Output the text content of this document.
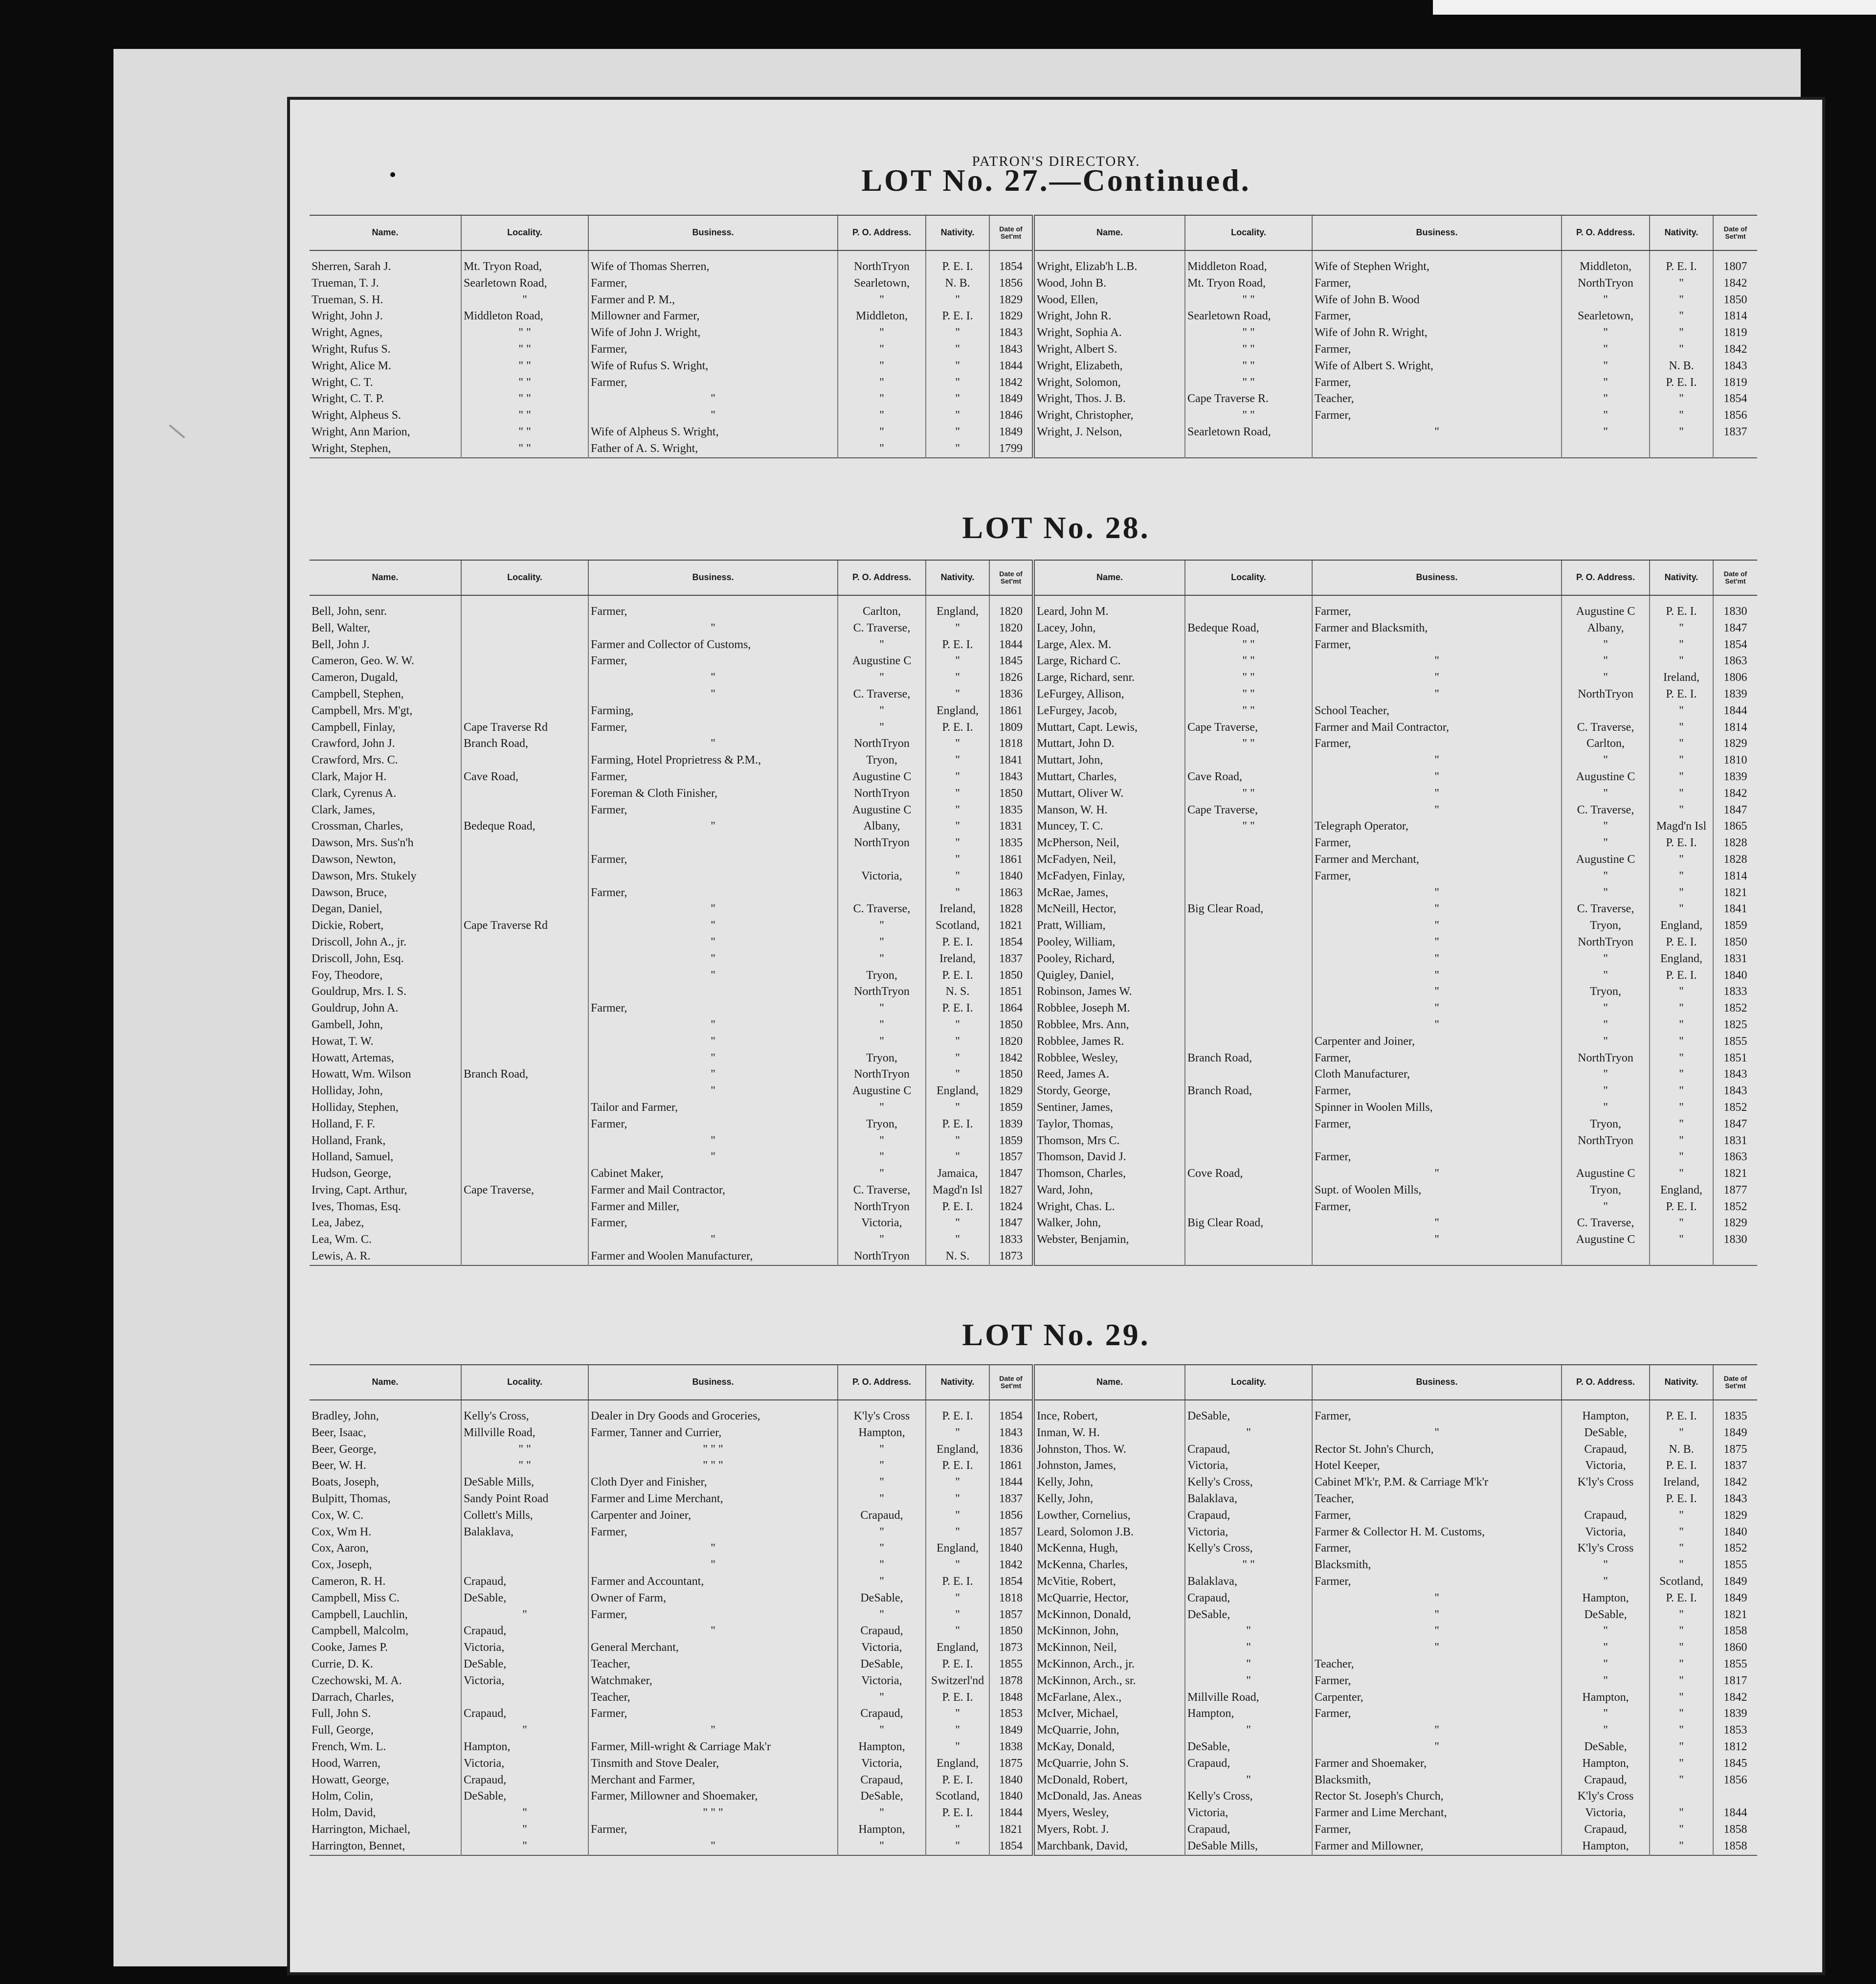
PATRON'S DIRECTORY.
LOT No. 27.—Continued.
Name.	Locality.	Business.	P. O. Address.	Nativity.	Date of Set'mt	Name.	Locality.	Business.	P. O. Address.	Nativity.	Date of Set'mt
Sherren, Sarah J.	Mt. Tryon Road,	Wife of Thomas Sherren,	NorthTryon	P. E. I.	1854	Wright, Elizab'h L.B.	Middleton Road,	Wife of Stephen Wright,	Middleton,	P. E. I.	1807
Trueman, T. J.	Searletown Road,	Farmer,	Searletown,	N. B.	1856	Wood, John B.	Mt. Tryon Road,	Farmer,	NorthTryon	"	1842
Trueman, S. H.	"	Farmer and P. M.,	"	"	1829	Wood, Ellen,	" "	Wife of John B. Wood	"	"	1850
Wright, John J.	Middleton Road,	Millowner and Farmer,	Middleton,	P. E. I.	1829	Wright, John R.	Searletown Road,	Farmer,	Searletown,	"	1814
Wright, Agnes,	" "	Wife of John J. Wright,	"	"	1843	Wright, Sophia A.	" "	Wife of John R. Wright,	"	"	1819
Wright, Rufus S.	" "	Farmer,	"	"	1843	Wright, Albert S.	" "	Farmer,	"	"	1842
Wright, Alice M.	" "	Wife of Rufus S. Wright,	"	"	1844	Wright, Elizabeth,	" "	Wife of Albert S. Wright,	"	N. B.	1843
Wright, C. T.	" "	Farmer,	"	"	1842	Wright, Solomon,	" "	Farmer,	"	P. E. I.	1819
Wright, C. T. P.	" "	"	"	"	1849	Wright, Thos. J. B.	Cape Traverse R.	Teacher,	"	"	1854
Wright, Alpheus S.	" "	"	"	"	1846	Wright, Christopher,	" "	Farmer,	"	"	1856
Wright, Ann Marion,	" "	Wife of Alpheus S. Wright,	"	"	1849	Wright, J. Nelson,	Searletown Road,	"	"	"	1837
Wright, Stephen,	" "	Father of A. S. Wright,	"	"	1799						
LOT No. 28.
Name.	Locality.	Business.	P. O. Address.	Nativity.	Date of Set'mt	Name.	Locality.	Business.	P. O. Address.	Nativity.	Date of Set'mt
Bell, John, senr.		Farmer,	Carlton,	England,	1820	Leard, John M.		Farmer,	Augustine C	P. E. I.	1830
Bell, Walter,		"	C. Traverse,	"	1820	Lacey, John,	Bedeque Road,	Farmer and Blacksmith,	Albany,	"	1847
Bell, John J.		Farmer and Collector of Customs,	"	P. E. I.	1844	Large, Alex. M.	" "	Farmer,	"	"	1854
Cameron, Geo. W. W.		Farmer,	Augustine C	"	1845	Large, Richard C.	" "	"	"	"	1863
Cameron, Dugald,		"	"	"	1826	Large, Richard, senr.	" "	"	"	Ireland,	1806
Campbell, Stephen,		"	C. Traverse,	"	1836	LeFurgey, Allison,	" "	"	NorthTryon	P. E. I.	1839
Campbell, Mrs. M'gt,		Farming,	"	England,	1861	LeFurgey, Jacob,	" "	School Teacher,		"	1844
Campbell, Finlay,	Cape Traverse Rd	Farmer,	"	P. E. I.	1809	Muttart, Capt. Lewis,	Cape Traverse,	Farmer and Mail Contractor,	C. Traverse,	"	1814
Crawford, John J.	Branch Road,	"	NorthTryon	"	1818	Muttart, John D.	" "	Farmer,	Carlton,	"	1829
Crawford, Mrs. C.		Farming, Hotel Proprietress & P.M.,	Tryon,	"	1841	Muttart, John,		"	"	"	1810
Clark, Major H.	Cave Road,	Farmer,	Augustine C	"	1843	Muttart, Charles,	Cave Road,	"	Augustine C	"	1839
Clark, Cyrenus A.		Foreman & Cloth Finisher,	NorthTryon	"	1850	Muttart, Oliver W.	" "	"	"	"	1842
Clark, James,		Farmer,	Augustine C	"	1835	Manson, W. H.	Cape Traverse,	"	C. Traverse,	"	1847
Crossman, Charles,	Bedeque Road,	"	Albany,	"	1831	Muncey, T. C.	" "	Telegraph Operator,	"	Magd'n Isl	1865
Dawson, Mrs. Sus'n'h			NorthTryon	"	1835	McPherson, Neil,		Farmer,	"	P. E. I.	1828
Dawson, Newton,		Farmer,		"	1861	McFadyen, Neil,		Farmer and Merchant,	Augustine C	"	1828
Dawson, Mrs. Stukely			Victoria,	"	1840	McFadyen, Finlay,		Farmer,	"	"	1814
Dawson, Bruce,		Farmer,		"	1863	McRae, James,		"	"	"	1821
Degan, Daniel,		"	C. Traverse,	Ireland,	1828	McNeill, Hector,	Big Clear Road,	"	C. Traverse,	"	1841
Dickie, Robert,	Cape Traverse Rd	"	"	Scotland,	1821	Pratt, William,		"	Tryon,	England,	1859
Driscoll, John A., jr.		"	"	P. E. I.	1854	Pooley, William,		"	NorthTryon	P. E. I.	1850
Driscoll, John, Esq.		"	"	Ireland,	1837	Pooley, Richard,		"	"	England,	1831
Foy, Theodore,		"	Tryon,	P. E. I.	1850	Quigley, Daniel,		"	"	P. E. I.	1840
Gouldrup, Mrs. I. S.			NorthTryon	N. S.	1851	Robinson, James W.		"	Tryon,	"	1833
Gouldrup, John A.		Farmer,	"	P. E. I.	1864	Robblee, Joseph M.		"	"	"	1852
Gambell, John,		"	"	"	1850	Robblee, Mrs. Ann,		"	"	"	1825
Howat, T. W.		"	"	"	1820	Robblee, James R.		Carpenter and Joiner,	"	"	1855
Howatt, Artemas,		"	Tryon,	"	1842	Robblee, Wesley,	Branch Road,	Farmer,	NorthTryon	"	1851
Howatt, Wm. Wilson	Branch Road,	"	NorthTryon	"	1850	Reed, James A.		Cloth Manufacturer,	"	"	1843
Holliday, John,		"	Augustine C	England,	1829	Stordy, George,	Branch Road,	Farmer,	"	"	1843
Holliday, Stephen,		Tailor and Farmer,	"	"	1859	Sentiner, James,		Spinner in Woolen Mills,	"	"	1852
Holland, F. F.		Farmer,	Tryon,	P. E. I.	1839	Taylor, Thomas,		Farmer,	Tryon,	"	1847
Holland, Frank,		"	"	"	1859	Thomson, Mrs C.			NorthTryon	"	1831
Holland, Samuel,		"	"	"	1857	Thomson, David J.		Farmer,		"	1863
Hudson, George,		Cabinet Maker,	"	Jamaica,	1847	Thomson, Charles,	Cove Road,	"	Augustine C	"	1821
Irving, Capt. Arthur,	Cape Traverse,	Farmer and Mail Contractor,	C. Traverse,	Magd'n Isl	1827	Ward, John,		Supt. of Woolen Mills,	Tryon,	England,	1877
Ives, Thomas, Esq.		Farmer and Miller,	NorthTryon	P. E. I.	1824	Wright, Chas. L.		Farmer,	"	P. E. I.	1852
Lea, Jabez,		Farmer,	Victoria,	"	1847	Walker, John,	Big Clear Road,	"	C. Traverse,	"	1829
Lea, Wm. C.		"	"	"	1833	Webster, Benjamin,		"	Augustine C	"	1830
Lewis, A. R.		Farmer and Woolen Manufacturer,	NorthTryon	N. S.	1873						
LOT No. 29.
Name.	Locality.	Business.	P. O. Address.	Nativity.	Date of Set'mt	Name.	Locality.	Business.	P. O. Address.	Nativity.	Date of Set'mt
Bradley, John,	Kelly's Cross,	Dealer in Dry Goods and Groceries,	K'ly's Cross	P. E. I.	1854	Ince, Robert,	DeSable,	Farmer,	Hampton,	P. E. I.	1835
Beer, Isaac,	Millville Road,	Farmer, Tanner and Currier,	Hampton,	"	1843	Inman, W. H.	"	"	DeSable,	"	1849
Beer, George,	" "	" " "	"	England,	1836	Johnston, Thos. W.	Crapaud,	Rector St. John's Church,	Crapaud,	N. B.	1875
Beer, W. H.	" "	" " "	"	P. E. I.	1861	Johnston, James,	Victoria,	Hotel Keeper,	Victoria,	P. E. I.	1837
Boats, Joseph,	DeSable Mills,	Cloth Dyer and Finisher,	"	"	1844	Kelly, John,	Kelly's Cross,	Cabinet M'k'r, P.M. & Carriage M'k'r	K'ly's Cross	Ireland,	1842
Bulpitt, Thomas,	Sandy Point Road	Farmer and Lime Merchant,	"	"	1837	Kelly, John,	Balaklava,	Teacher,		P. E. I.	1843
Cox, W. C.	Collett's Mills,	Carpenter and Joiner,	Crapaud,	"	1856	Lowther, Cornelius,	Crapaud,	Farmer,	Crapaud,	"	1829
Cox, Wm H.	Balaklava,	Farmer,	"	"	1857	Leard, Solomon J.B.	Victoria,	Farmer & Collector H. M. Customs,	Victoria,	"	1840
Cox, Aaron,		"	"	England,	1840	McKenna, Hugh,	Kelly's Cross,	Farmer,	K'ly's Cross	"	1852
Cox, Joseph,		"	"	"	1842	McKenna, Charles,	" "	Blacksmith,	"	"	1855
Cameron, R. H.	Crapaud,	Farmer and Accountant,	"	P. E. I.	1854	McVitie, Robert,	Balaklava,	Farmer,	"	Scotland,	1849
Campbell, Miss C.	DeSable,	Owner of Farm,	DeSable,	"	1818	McQuarrie, Hector,	Crapaud,	"	Hampton,	P. E. I.	1849
Campbell, Lauchlin,	"	Farmer,	"	"	1857	McKinnon, Donald,	DeSable,	"	DeSable,	"	1821
Campbell, Malcolm,	Crapaud,	"	Crapaud,	"	1850	McKinnon, John,	"	"	"	"	1858
Cooke, James P.	Victoria,	General Merchant,	Victoria,	England,	1873	McKinnon, Neil,	"	"	"	"	1860
Currie, D. K.	DeSable,	Teacher,	DeSable,	P. E. I.	1855	McKinnon, Arch., jr.	"	Teacher,	"	"	1855
Czechowski, M. A.	Victoria,	Watchmaker,	Victoria,	Switzerl'nd	1878	McKinnon, Arch., sr.	"	Farmer,	"	"	1817
Darrach, Charles,		Teacher,	"	P. E. I.	1848	McFarlane, Alex.,	Millville Road,	Carpenter,	Hampton,	"	1842
Full, John S.	Crapaud,	Farmer,	Crapaud,	"	1853	McIver, Michael,	Hampton,	Farmer,	"	"	1839
Full, George,	"	"	"	"	1849	McQuarrie, John,	"	"	"	"	1853
French, Wm. L.	Hampton,	Farmer, Mill-wright & Carriage Mak'r	Hampton,	"	1838	McKay, Donald,	DeSable,	"	DeSable,	"	1812
Hood, Warren,	Victoria,	Tinsmith and Stove Dealer,	Victoria,	England,	1875	McQuarrie, John S.	Crapaud,	Farmer and Shoemaker,	Hampton,	"	1845
Howatt, George,	Crapaud,	Merchant and Farmer,	Crapaud,	P. E. I.	1840	McDonald, Robert,	"	Blacksmith,	Crapaud,	"	1856
Holm, Colin,	DeSable,	Farmer, Millowner and Shoemaker,	DeSable,	Scotland,	1840	McDonald, Jas. Aneas	Kelly's Cross,	Rector St. Joseph's Church,	K'ly's Cross		
Holm, David,	"	" " "	"	P. E. I.	1844	Myers, Wesley,	Victoria,	Farmer and Lime Merchant,	Victoria,	"	1844
Harrington, Michael,	"	Farmer,	Hampton,	"	1821	Myers, Robt. J.	Crapaud,	Farmer,	Crapaud,	"	1858
Harrington, Bennet,	"	"	"	"	1854	Marchbank, David,	DeSable Mills,	Farmer and Millowner,	Hampton,	"	1858
